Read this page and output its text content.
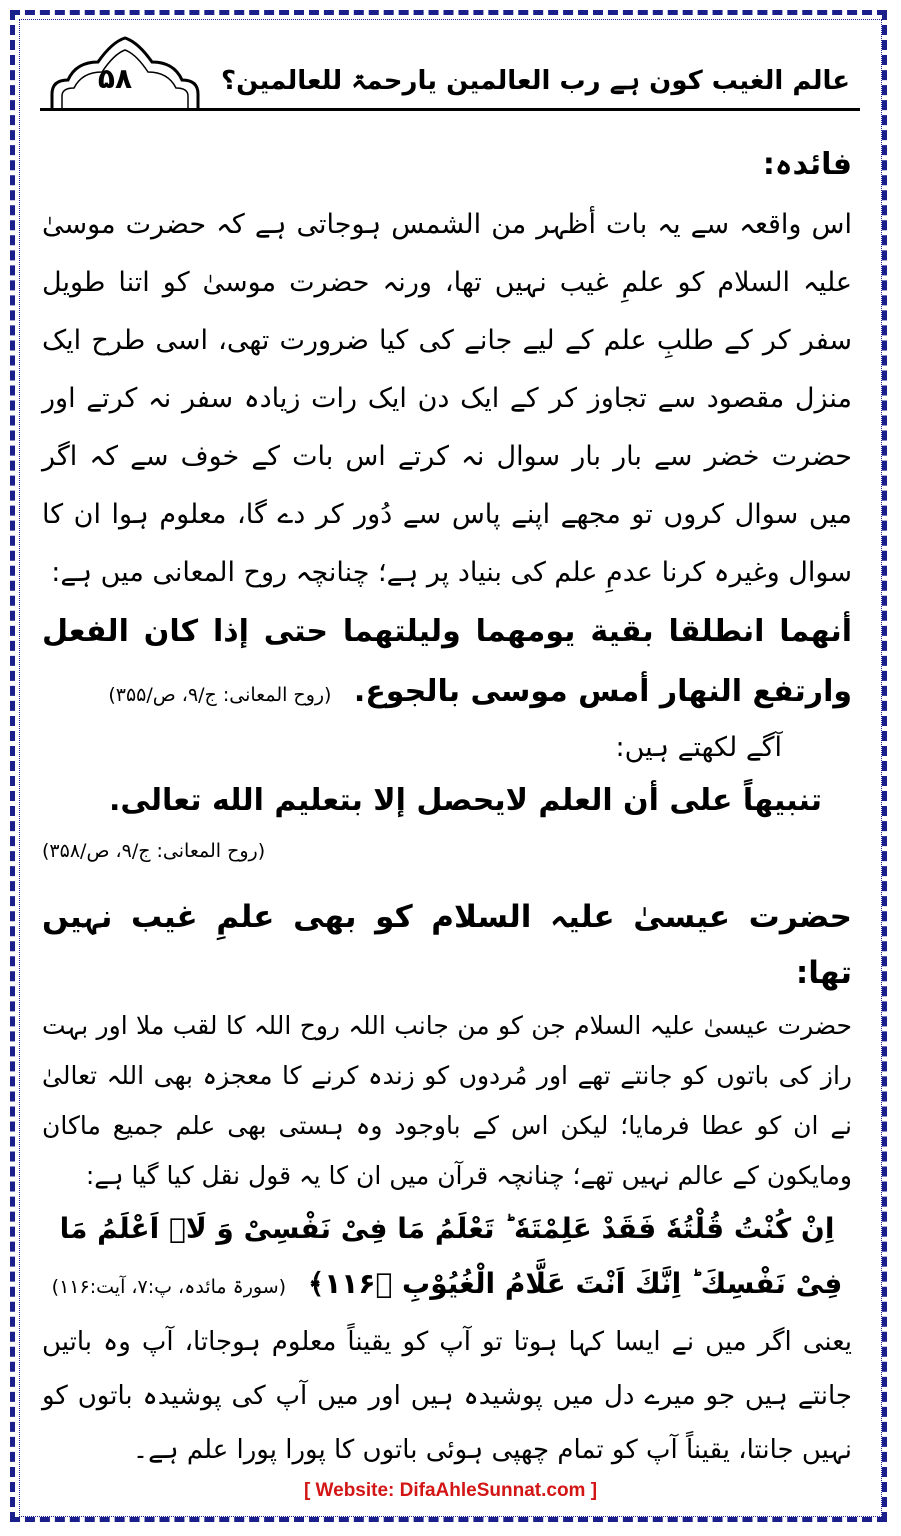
۵۸	عالم الغیب کون ہے رب العالمین یارحمۃ للعالمین؟
فائدہ:

اس واقعہ سے یہ بات أظہر من الشمس ہوجاتی ہے کہ حضرت موسیٰ علیہ السلام کو علمِ غیب نہیں تھا، ورنہ حضرت موسیٰ کو اتنا طویل سفر کر کے طلبِ علم کے لیے جانے کی کیا ضرورت تھی، اسی طرح ایک منزل مقصود سے تجاوز کر کے ایک دن ایک رات زیادہ سفر نہ کرتے اور حضرت خضر سے بار بار سوال نہ کرتے اس بات کے خوف سے کہ اگر میں سوال کروں تو مجھے اپنے پاس سے دُور کر دے گا، معلوم ہوا ان کا سوال وغیرہ کرنا عدمِ علم کی بنیاد پر ہے؛ چنانچہ روح المعانی میں ہے:

أنهما انطلقا بقية يومهما وليلتهما حتى إذا كان الفعل وارتفع النهار أمس موسى بالجوع. (روح المعانی: ج/۹، ص/۳۵۵)
آگے لکھتے ہیں:
تنبيهاً على أن العلم لايحصل إلا بتعليم الله تعالى.
(روح المعانی: ج/۹، ص/۳۵۸)
حضرت عیسیٰ علیہ السلام کو بھی علمِ غیب نہیں تھا:

حضرت عیسیٰ علیہ السلام جن کو من جانب اللہ روح اللہ کا لقب ملا اور بہت راز کی باتوں کو جانتے تھے اور مُردوں کو زندہ کرنے کا معجزہ بھی اللہ تعالیٰ نے ان کو عطا فرمایا؛ لیکن اس کے باوجود وہ ہستی بھی علم جمیع ماکان ومایکون کے عالم نہیں تھے؛ چنانچہ قرآن میں ان کا یہ قول نقل کیا گیا ہے:

اِنْ كُنْتُ قُلْتُهٗ فَقَدْ عَلِمْتَهٗ ؕ تَعْلَمُ مَا فِیْ نَفْسِیْ وَ لَاۤ اَعْلَمُ مَا فِیْ نَفْسِكَ ؕ اِنَّكَ اَنْتَ عَلَّامُ الْغُیُوْبِ ﴿۱۱۶﴾ (سورۃ مائدہ، پ:۷، آیت:۱۱۶)

یعنی اگر میں نے ایسا کہا ہوتا تو آپ کو یقیناً معلوم ہوجاتا، آپ وہ باتیں جانتے ہیں جو میرے دل میں پوشیدہ ہیں اور میں آپ کی پوشیدہ باتوں کو نہیں جانتا، یقیناً آپ کو تمام چھپی ہوئی باتوں کا پورا پورا علم ہے۔

[ Website: DifaAhleSunnat.com ]
